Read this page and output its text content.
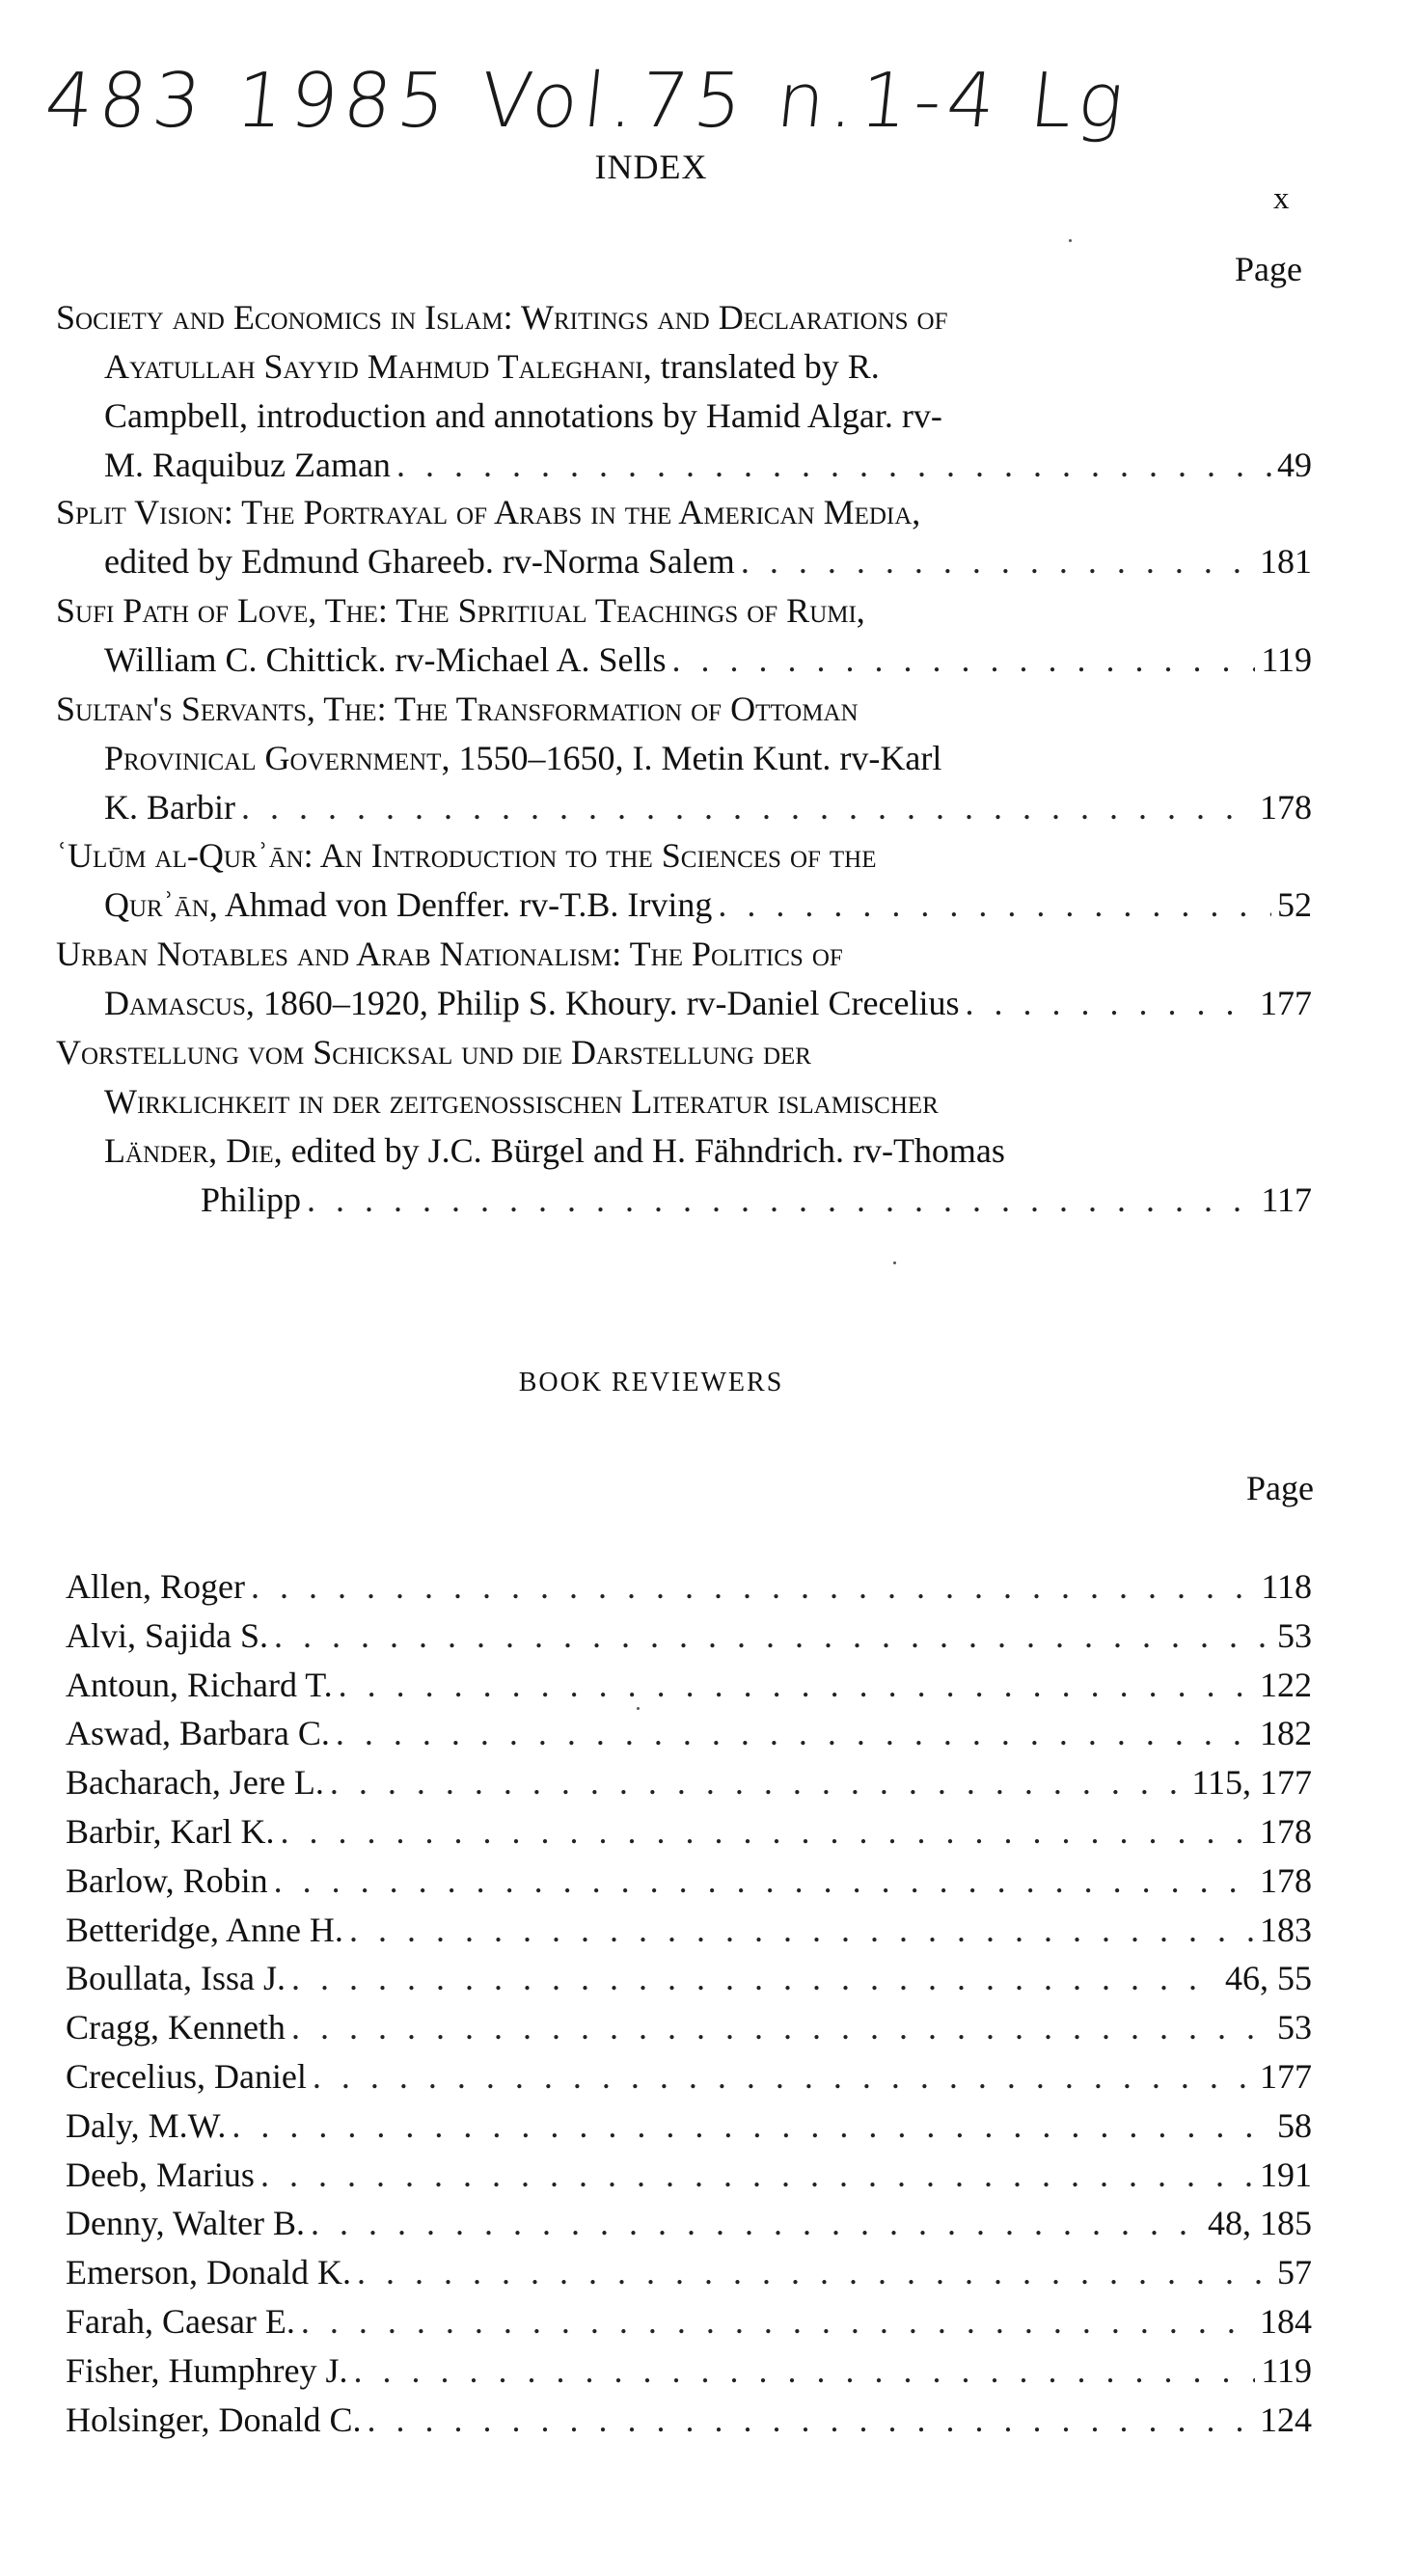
483 1985 Vol.75 n.1-4 Lg
INDEX
x
Page
Society and Economics in Islam: Writings and Declarations of
Ayatullah Sayyid Mahmud Taleghani, translated by R.
Campbell, introduction and annotations by Hamid Algar. rv-
M. Raquibuz Zaman . . .	49
Split Vision: The Portrayal of Arabs in the American Media,
edited by Edmund Ghareeb. rv-Norma Salem . . .	181
Sufi Path of Love, The: The Spritiual Teachings of Rumi,
William C. Chittick. rv-Michael A. Sells . . .	119
Sultan's Servants, The: The Transformation of Ottoman
Provinical Government, 1550–1650, I. Metin Kunt. rv-Karl
K. Barbir . . .	178
ʿUlūm al-Qurʾān: An Introduction to the Sciences of the
Qurʾān, Ahmad von Denffer. rv-T.B. Irving . . .	52
Urban Notables and Arab Nationalism: The Politics of
Damascus, 1860–1920, Philip S. Khoury. rv-Daniel Crecelius . . .	177
Vorstellung vom Schicksal und die Darstellung der
Wirklichkeit in der zeitgenossischen Literatur islamischer
Länder, Die, edited by J.C. Bürgel and H. Fähndrich. rv-Thomas
Philipp . . .	117
BOOK REVIEWERS
Page
Allen, Roger . . .	118
Alvi, Sajida S. . . .	53
Antoun, Richard T. . . .	122
Aswad, Barbara C. . . .	182
Bacharach, Jere L. . . .	115, 177
Barbir, Karl K. . . .	178
Barlow, Robin . . .	178
Betteridge, Anne H. . . .	183
Boullata, Issa J. . . .	46, 55
Cragg, Kenneth . . .	53
Crecelius, Daniel . . .	177
Daly, M.W. . . .	58
Deeb, Marius . . .	191
Denny, Walter B. . . .	48, 185
Emerson, Donald K. . . .	57
Farah, Caesar E. . . .	184
Fisher, Humphrey J. . . .	119
Holsinger, Donald C. . . .	124
